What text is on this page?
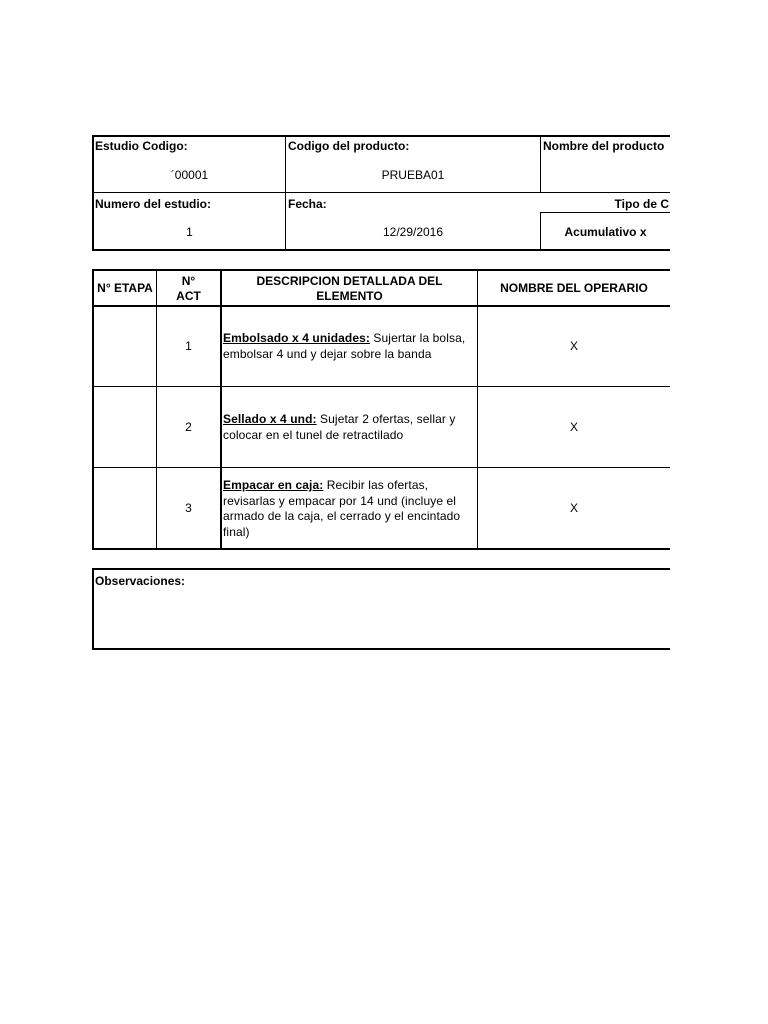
Estudio Codigo:
´00001
Codigo del producto:
PRUEBA01
Nombre del producto
Numero del estudio:
1
Fecha:
12/29/2016
Tipo de C
Acumulativo x
N° ETAPA	N°
ACT
DESCRIPCION DETALLADA DEL
ELEMENTO
NOMBRE DEL OPERARIO
1
Embolsado x 4 unidades: Sujertar la bolsa,
embolsar 4 und y dejar sobre la banda
X
2
Sellado x 4 und: Sujetar 2 ofertas, sellar y
colocar en el tunel de retractilado
X
3
Empacar en caja: Recibir las ofertas,
revisarlas y empacar por 14 und (incluye el
armado de la caja, el cerrado y el encintado
final)
X
Observaciones:
